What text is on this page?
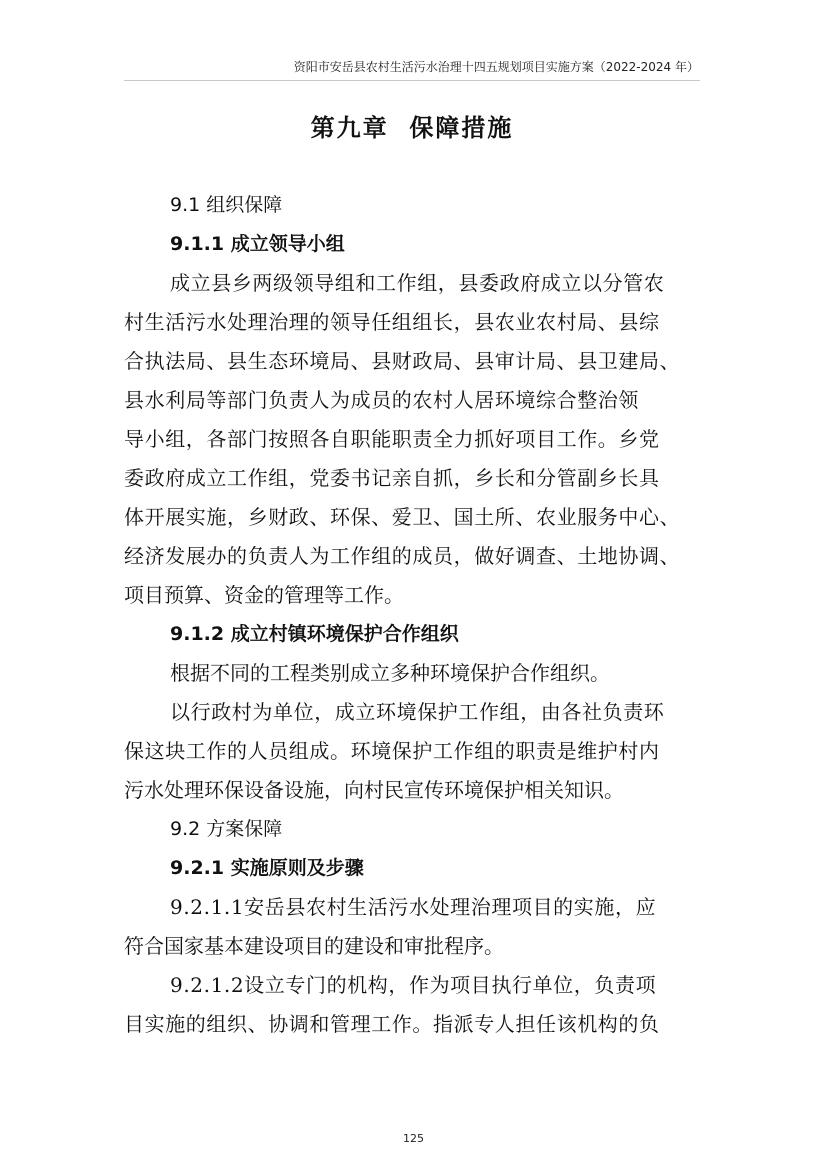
资阳市安岳县农村生活污水治理十四五规划项目实施方案（2022-2024 年）
第九章  保障措施
9.1 组织保障
9.1.1 成立领导小组
成立县乡两级领导组和工作组，县委政府成立以分管农
村生活污水处理治理的领导任组组长，县农业农村局、县综
合执法局、县生态环境局、县财政局、县审计局、县卫建局、
县水利局等部门负责人为成员的农村人居环境综合整治领
导小组，各部门按照各自职能职责全力抓好项目工作。乡党
委政府成立工作组，党委书记亲自抓，乡长和分管副乡长具
体开展实施，乡财政、环保、爱卫、国土所、农业服务中心、
经济发展办的负责人为工作组的成员，做好调查、土地协调、
项目预算、资金的管理等工作。
9.1.2 成立村镇环境保护合作组织
根据不同的工程类别成立多种环境保护合作组织。
以行政村为单位，成立环境保护工作组，由各社负责环
保这块工作的人员组成。环境保护工作组的职责是维护村内
污水处理环保设备设施，向村民宣传环境保护相关知识。
9.2 方案保障
9.2.1 实施原则及步骤
9.2.1.1安岳县农村生活污水处理治理项目的实施，应
符合国家基本建设项目的建设和审批程序。
9.2.1.2设立专门的机构，作为项目执行单位，负责项
目实施的组织、协调和管理工作。指派专人担任该机构的负
125
